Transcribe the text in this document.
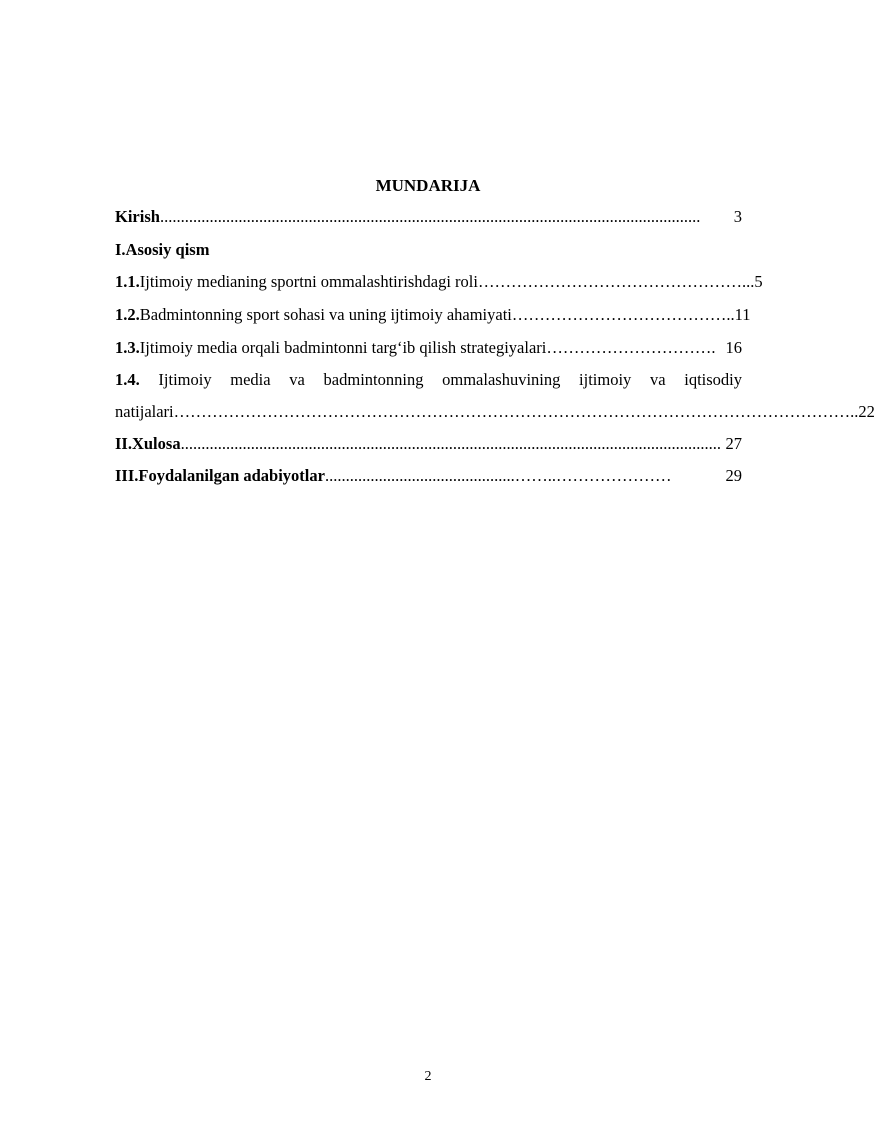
MUNDARIJA
Kirish ...................................................................................................................................	3
I.Asosiy qism
1.1. Ijtimoiy medianing sportni ommalashtirishdagi roli …………………………………………... 5
1.2. Badmintonning sport sohasi va uning ijtimoiy ahamiyati ………………………………….. 11
1.3. Ijtimoiy media orqali badmintonni targ‘ib qilish strategiyalari …………………………. 16
1.4. Ijtimoiy media va badmintonning ommalashuvining ijtimoiy va iqtisodiy
natijalari …………………………………………………………………………………………………………….. 22
II.Xulosa ................................................................................................................................... 27
III.Foydalanilgan adabiyotlar ..............................................……..…………………	29
2
